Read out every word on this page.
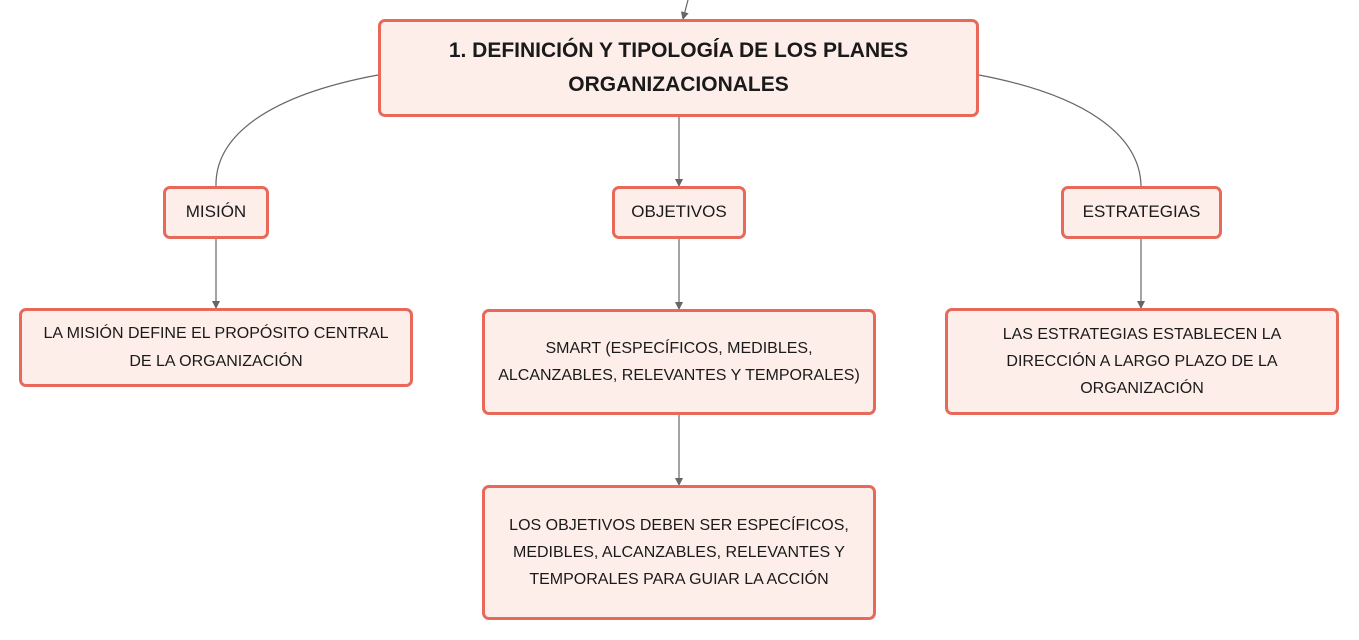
1. DEFINICIÓN Y TIPOLOGÍA DE LOS PLANES ORGANIZACIONALES
MISIÓN	OBJETIVOS	ESTRATEGIAS
LA MISIÓN DEFINE EL PROPÓSITO CENTRAL DE LA ORGANIZACIÓN
SMART (ESPECÍFICOS, MEDIBLES, ALCANZABLES, RELEVANTES Y TEMPORALES)
LAS ESTRATEGIAS ESTABLECEN LA DIRECCIÓN A LARGO PLAZO DE LA ORGANIZACIÓN
LOS OBJETIVOS DEBEN SER ESPECÍFICOS, MEDIBLES, ALCANZABLES, RELEVANTES Y TEMPORALES PARA GUIAR LA ACCIÓN
